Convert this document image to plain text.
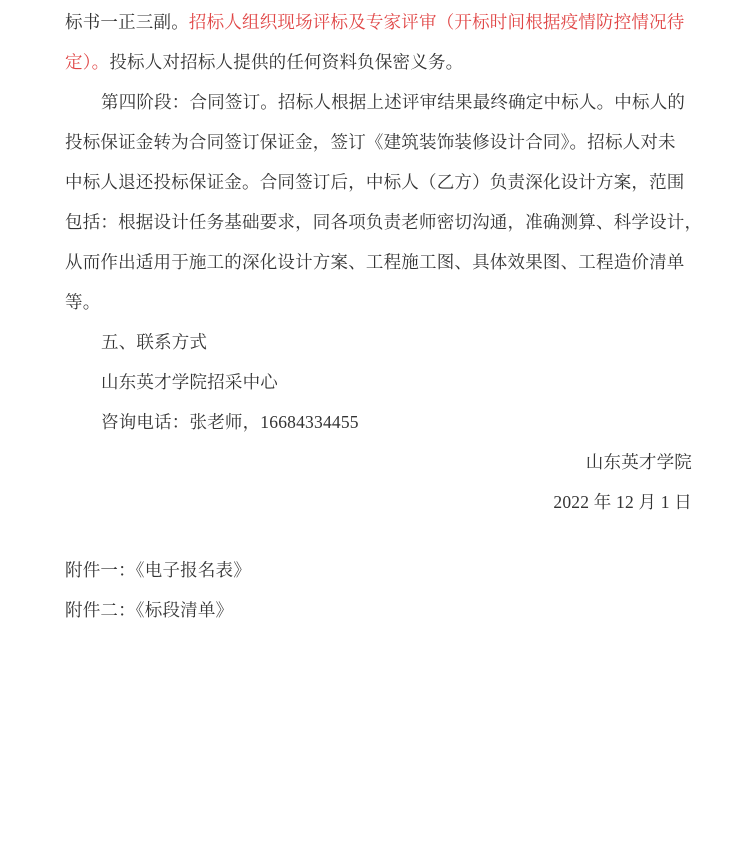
标书一正三副。招标人组织现场评标及专家评审（开标时间根据疫情防控情况待
定）。投标人对招标人提供的任何资料负保密义务。
第四阶段：合同签订。招标人根据上述评审结果最终确定中标人。中标人的
投标保证金转为合同签订保证金，签订《建筑装饰装修设计合同》。招标人对未
中标人退还投标保证金。合同签订后，中标人（乙方）负责深化设计方案，范围
包括：根据设计任务基础要求，同各项负责老师密切沟通，准确测算、科学设计，
从而作出适用于施工的深化设计方案、工程施工图、具体效果图、工程造价清单
等。
五、联系方式
山东英才学院招采中心
咨询电话：张老师，16684334455
山东英才学院
2022 年 12 月 1 日
附件一：《电子报名表》
附件二：《标段清单》
